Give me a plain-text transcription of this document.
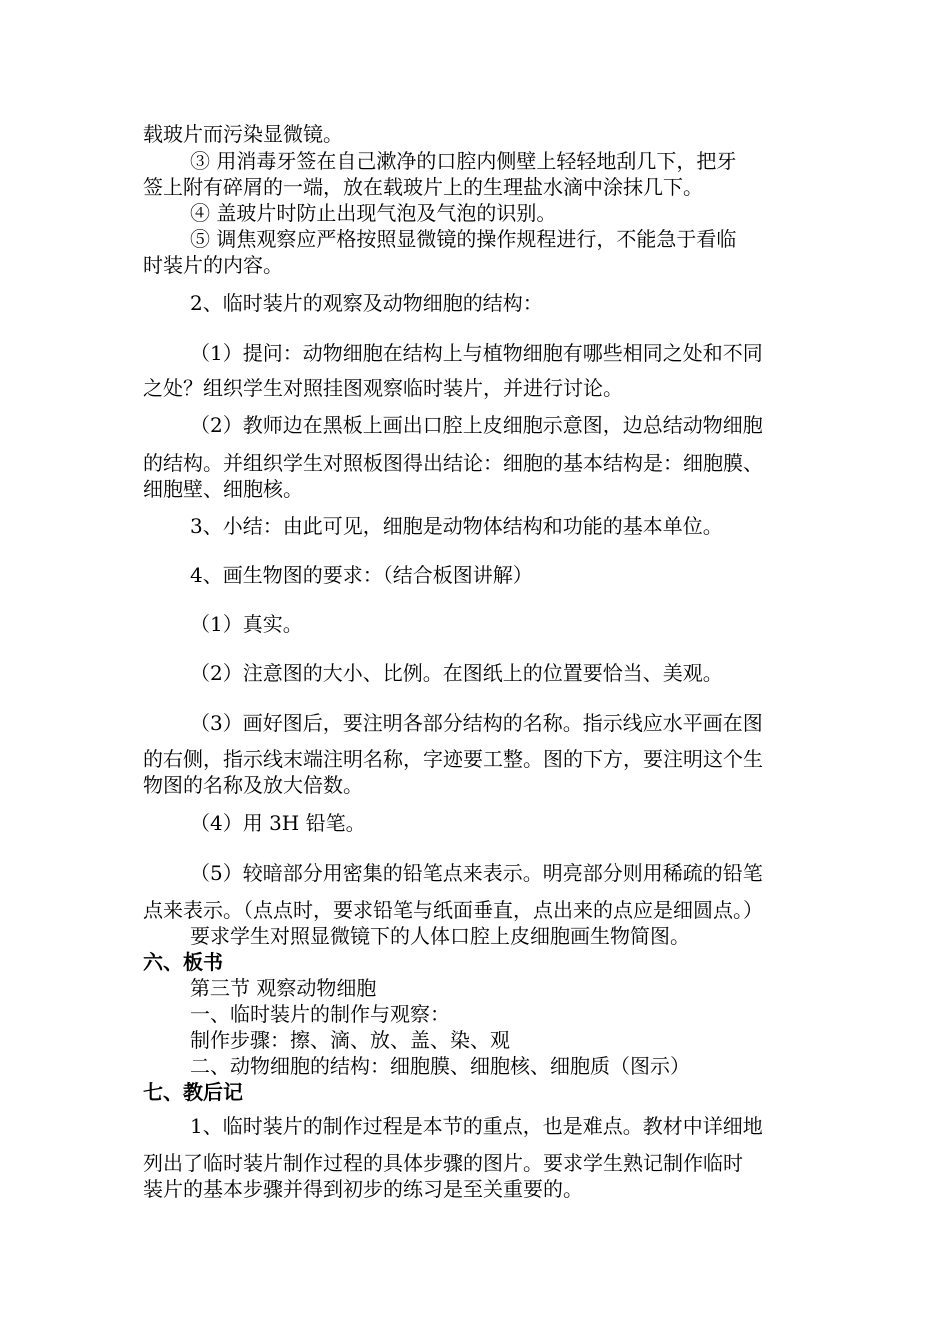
载玻片而污染显微镜。
③ 用消毒牙签在自己漱净的口腔内侧壁上轻轻地刮几下，把牙
签上附有碎屑的一端，放在载玻片上的生理盐水滴中涂抹几下。
④ 盖玻片时防止出现气泡及气泡的识别。
⑤ 调焦观察应严格按照显微镜的操作规程进行，不能急于看临
时装片的内容。
2、临时装片的观察及动物细胞的结构：
（1）提问：动物细胞在结构上与植物细胞有哪些相同之处和不同
之处？组织学生对照挂图观察临时装片，并进行讨论。
（2）教师边在黑板上画出口腔上皮细胞示意图，边总结动物细胞
的结构。并组织学生对照板图得出结论：细胞的基本结构是：细胞膜、
细胞壁、细胞核。
3、小结：由此可见，细胞是动物体结构和功能的基本单位。
4、画生物图的要求：（结合板图讲解）
（1）真实。
（2）注意图的大小、比例。在图纸上的位置要恰当、美观。
（3）画好图后，要注明各部分结构的名称。指示线应水平画在图
的右侧，指示线末端注明名称，字迹要工整。图的下方，要注明这个生
物图的名称及放大倍数。
（4）用 3H 铅笔。
（5）较暗部分用密集的铅笔点来表示。明亮部分则用稀疏的铅笔
点来表示。（点点时，要求铅笔与纸面垂直，点出来的点应是细圆点。）
要求学生对照显微镜下的人体口腔上皮细胞画生物简图。
六、板书
第三节 观察动物细胞
一、临时装片的制作与观察：
制作步骤：擦、滴、放、盖、染、观
二、动物细胞的结构：细胞膜、细胞核、细胞质（图示）
七、教后记
1、临时装片的制作过程是本节的重点，也是难点。教材中详细地
列出了临时装片制作过程的具体步骤的图片。要求学生熟记制作临时
装片的基本步骤并得到初步的练习是至关重要的。
